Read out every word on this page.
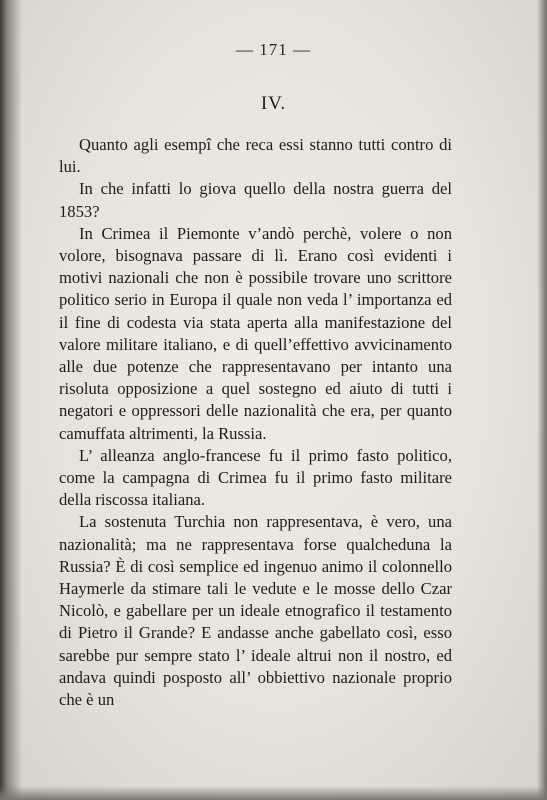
— 171 —
IV.

Quanto agli esempî che reca essi stanno tutti contro di lui.

In che infatti lo giova quello della nostra guerra del 1853?

In Crimea il Piemonte v’andò perchè, volere o non volore, bisognava passare di lì. Erano così evidenti i motivi nazionali che non è possibile trovare uno scrittore politico serio in Europa il quale non veda l’ importanza ed il fine di codesta via stata aperta alla manifestazione del valore militare italiano, e di quell’effettivo avvicinamento alle due potenze che rappresentavano per intanto una risoluta opposizione a quel sostegno ed aiuto di tutti i negatori e oppressori delle nazionalità che era, per quanto camuffata altrimenti, la Russia.

L’ alleanza anglo-francese fu il primo fasto politico, come la campagna di Crimea fu il primo fasto militare della riscossa italiana.

La sostenuta Turchia non rappresentava, è vero, una nazionalità; ma ne rappresentava forse qualcheduna la Russia? È di così semplice ed ingenuo animo il colonnello Haymerle da stimare tali le vedute e le mosse dello Czar Nicolò, e gabellare per un ideale etnografico il testamento di Pietro il Grande? E andasse anche gabellato così, esso sarebbe pur sempre stato l’ ideale altrui non il nostro, ed andava quindi posposto all’ obbiettivo nazionale proprio che è un
